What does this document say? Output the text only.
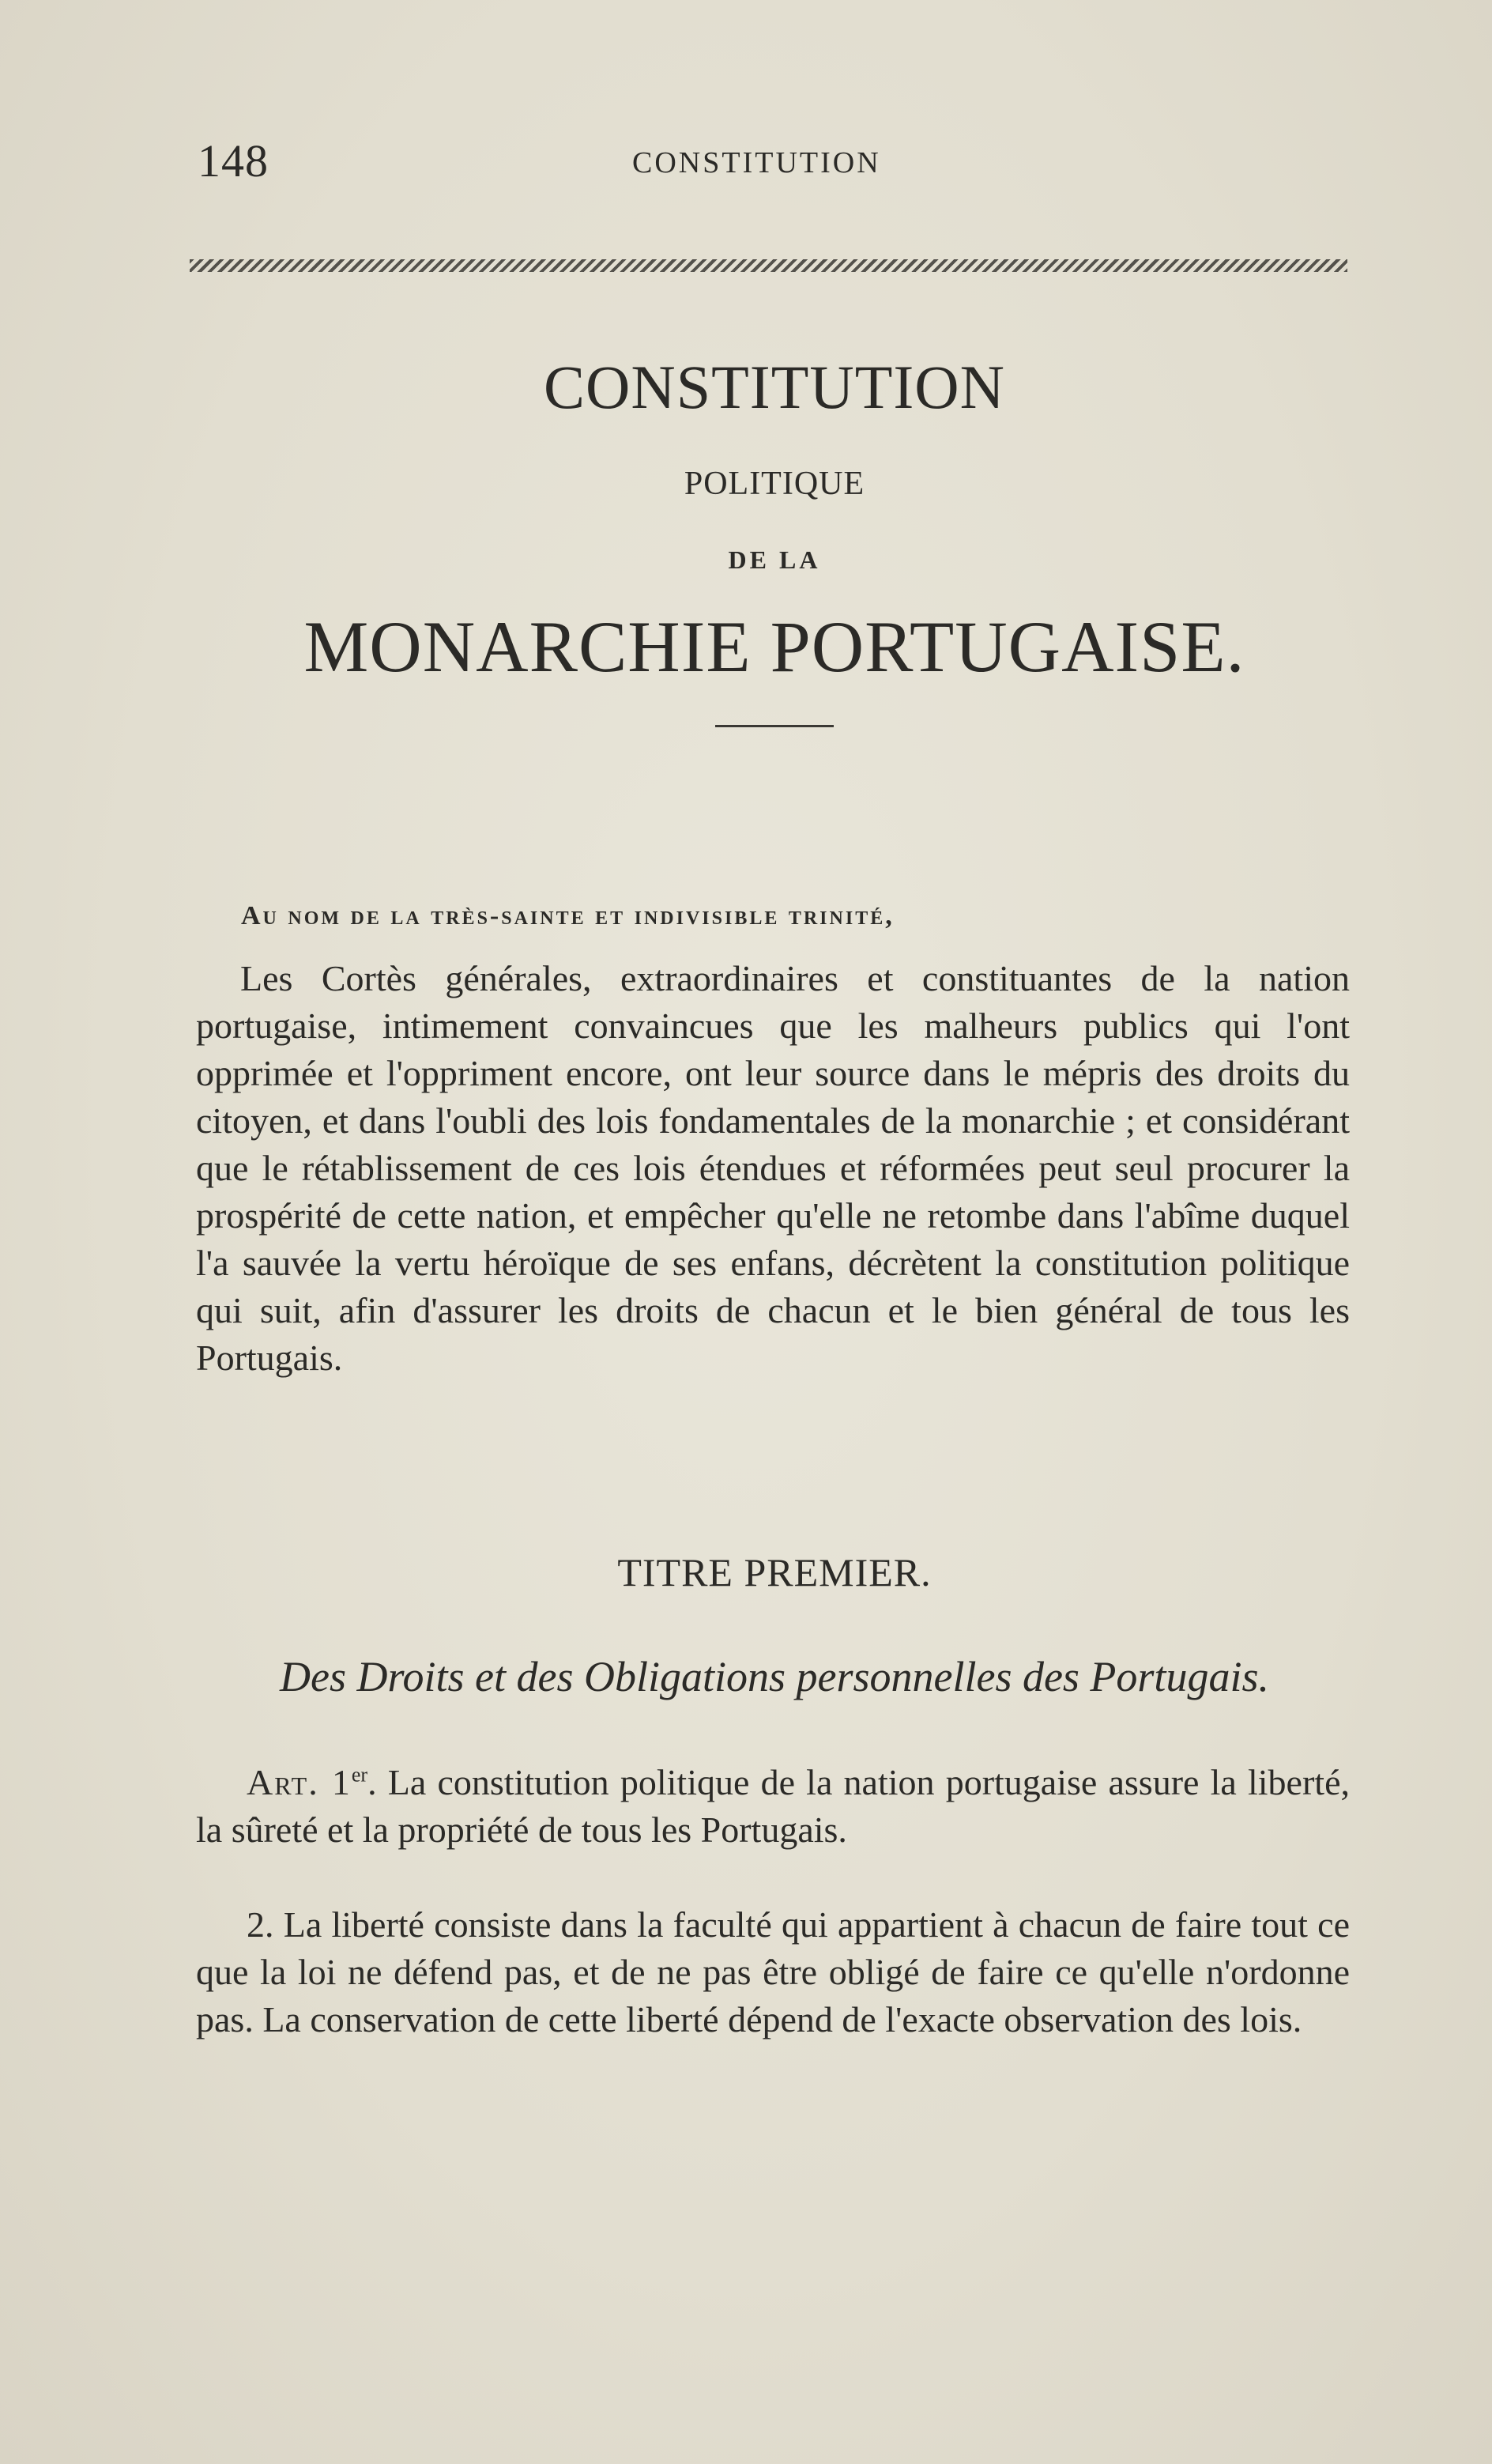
148	CONSTITUTION
CONSTITUTION
POLITIQUE
DE LA
MONARCHIE PORTUGAISE.
Au nom de la très-sainte et indivisible trinité,
Les Cortès générales, extraordinaires et constituantes de la nation portugaise, intimement convaincues que les malheurs publics qui l'ont opprimée et l'oppriment encore, ont leur source dans le mépris des droits du citoyen, et dans l'oubli des lois fondamentales de la monarchie ; et considérant que le rétablissement de ces lois étendues et réformées peut seul procurer la prospérité de cette nation, et empêcher qu'elle ne retombe dans l'abîme duquel l'a sauvée la vertu héroïque de ses enfans, décrètent la constitution politique qui suit, afin d'assurer les droits de chacun et le bien général de tous les Portugais.
TITRE PREMIER.
Des Droits et des Obligations personnelles des Portugais.
Art. 1er. La constitution politique de la nation portugaise assure la liberté, la sûreté et la propriété de tous les Portugais.
2. La liberté consiste dans la faculté qui appartient à chacun de faire tout ce que la loi ne défend pas, et de ne pas être obligé de faire ce qu'elle n'ordonne pas. La conservation de cette liberté dépend de l'exacte observation des lois.
